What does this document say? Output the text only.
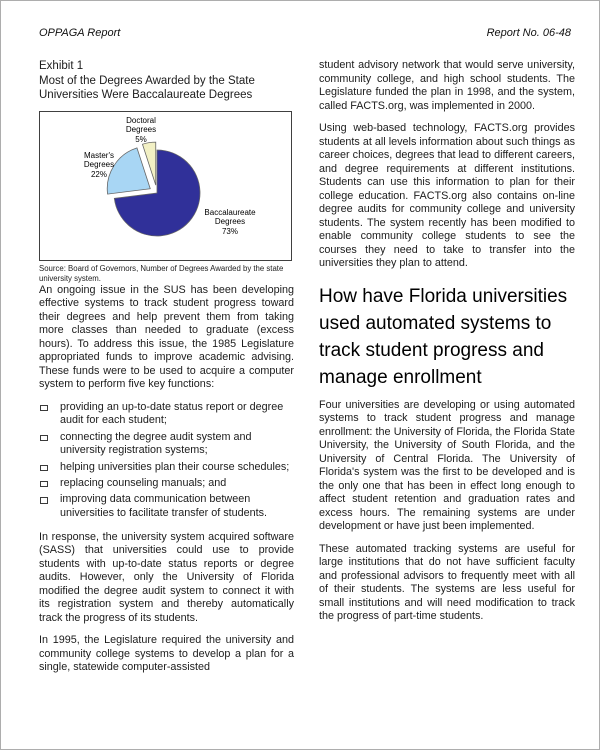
OPPAGA Report	Report No. 06-48
Exhibit 1
Most of the Degrees Awarded by the State Universities Were Baccalaureate Degrees
Doctoral Degrees
5%
Master's Degrees
22%
Baccalaureate Degrees
73%
Source: Board of Governors, Number of Degrees Awarded by the state university system.

An ongoing issue in the SUS has been developing effective systems to track student progress toward their degrees and help prevent them from taking more classes than needed to graduate (excess hours). To address this issue, the 1985 Legislature appropriated funds to improve academic advising. These funds were to be used to acquire a computer system to perform five key functions:

providing an up-to-date status report or degree audit for each student;
connecting the degree audit system and university registration systems;
helping universities plan their course schedules;
replacing counseling manuals; and
improving data communication between universities to facilitate transfer of students.

In response, the university system acquired software (SASS) that universities could use to provide students with up-to-date status reports or degree audits. However, only the University of Florida modified the degree audit system to connect it with its registration system and thereby automatically track the progress of its students.

In 1995, the Legislature required the university and community college systems to develop a plan for a single, statewide computer-assisted

student advisory network that would serve university, community college, and high school students. The Legislature funded the plan in 1998, and the system, called FACTS.org, was implemented in 2000.

Using web-based technology, FACTS.org provides students at all levels information about such things as career choices, degrees that lead to different careers, and degree requirements at different institutions. Students can use this information to plan for their college education. FACTS.org also contains on-line degree audits for community college and university students. The system recently has been modified to enable community college students to see the courses they need to take to transfer into the universities they plan to attend.

How have Florida universities used automated systems to track student progress and manage enrollment

Four universities are developing or using automated systems to track student progress and manage enrollment: the University of Florida, the Florida State University, the University of South Florida, and the University of Central Florida. The University of Florida's system was the first to be developed and is the only one that has been in effect long enough to affect student retention and graduation rates and excess hours. The remaining systems are under development or have just been implemented.

These automated tracking systems are useful for large institutions that do not have sufficient faculty and professional advisors to frequently meet with all of their students. The systems are less useful for small institutions and will need modification to track the progress of part-time students.
